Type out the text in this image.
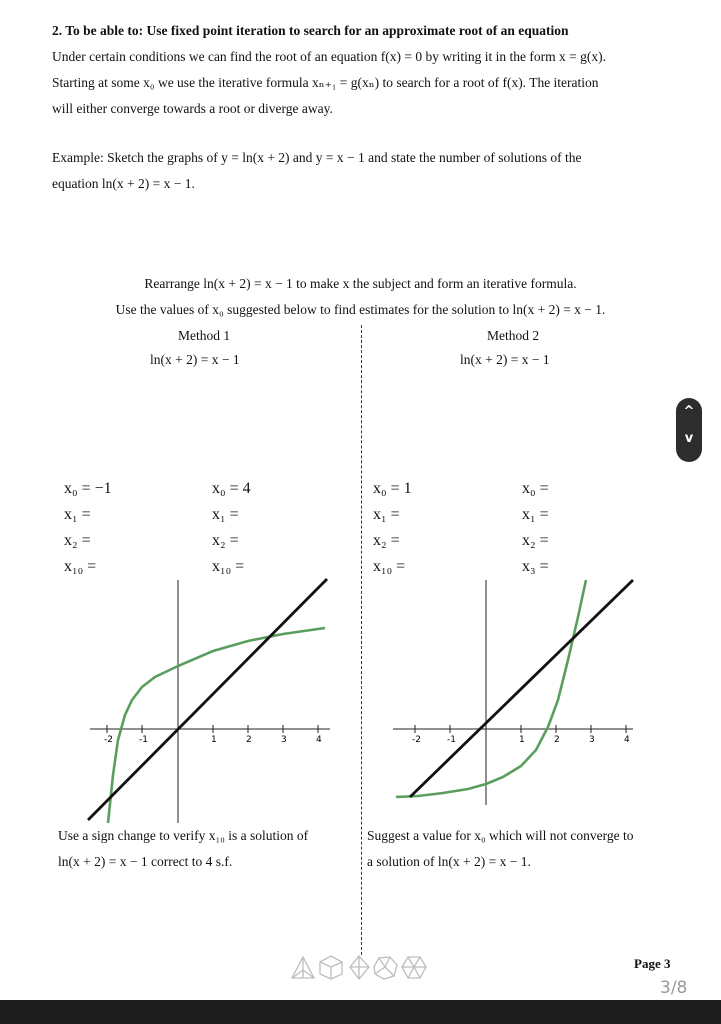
2. To be able to: Use fixed point iteration to search for an approximate root of an equation
Under certain conditions we can find the root of an equation f(x) = 0 by writing it in the form x = g(x).
Starting at some x₀ we use the iterative formula xₙ₊₁ = g(xₙ) to search for a root of f(x). The iteration
will either converge towards a root or diverge away.
Example: Sketch the graphs of y = ln(x + 2) and y = x − 1 and state the number of solutions of the
equation ln(x + 2) = x − 1.
Rearrange ln(x + 2) = x − 1 to make x the subject and form an iterative formula.
Use the values of x₀ suggested below to find estimates for the solution to ln(x + 2) = x − 1.
Method 1
ln(x + 2) = x − 1
Method 2
ln(x + 2) = x − 1
x₀ = −1
x₁ =
x₂ =
x₁₀ =
x₀ = 4
x₁ =
x₂ =
x₁₀ =
x₀ = 1
x₁ =
x₂ =
x₁₀ =
x₀ =
x₁ =
x₂ =
x₃ =
-2	-1	1	2	3	4	-2	-1	1	2	3	4
Use a sign change to verify x₁₀ is a solution of
ln(x + 2) = x − 1 correct to 4 s.f.
Suggest a value for x₀ which will not converge to
a solution of ln(x + 2) = x − 1.
^
v
Page 3
3/8
